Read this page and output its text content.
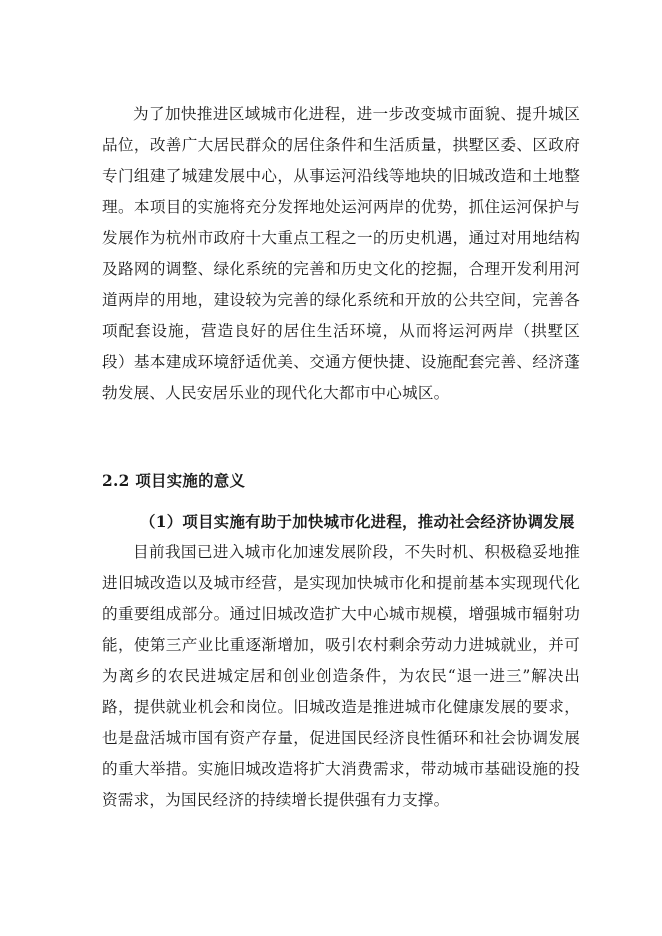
为了加快推进区域城市化进程，进一步改变城市面貌、提升城区品位，改善广大居民群众的居住条件和生活质量，拱墅区委、区政府专门组建了城建发展中心，从事运河沿线等地块的旧城改造和土地整理。本项目的实施将充分发挥地处运河两岸的优势，抓住运河保护与发展作为杭州市政府十大重点工程之一的历史机遇，通过对用地结构及路网的调整、绿化系统的完善和历史文化的挖掘，合理开发利用河道两岸的用地，建设较为完善的绿化系统和开放的公共空间，完善各项配套设施，营造良好的居住生活环境，从而将运河两岸（拱墅区段）基本建成环境舒适优美、交通方便快捷、设施配套完善、经济蓬勃发展、人民安居乐业的现代化大都市中心城区。

2.2 项目实施的意义
（1）项目实施有助于加快城市化进程，推动社会经济协调发展

目前我国已进入城市化加速发展阶段，不失时机、积极稳妥地推进旧城改造以及城市经营，是实现加快城市化和提前基本实现现代化的重要组成部分。通过旧城改造扩大中心城市规模，增强城市辐射功能，使第三产业比重逐渐增加，吸引农村剩余劳动力进城就业，并可为离乡的农民进城定居和创业创造条件，为农民“退一进三”解决出路，提供就业机会和岗位。旧城改造是推进城市化健康发展的要求，也是盘活城市国有资产存量，促进国民经济良性循环和社会协调发展的重大举措。实施旧城改造将扩大消费需求，带动城市基础设施的投资需求，为国民经济的持续增长提供强有力支撑。
